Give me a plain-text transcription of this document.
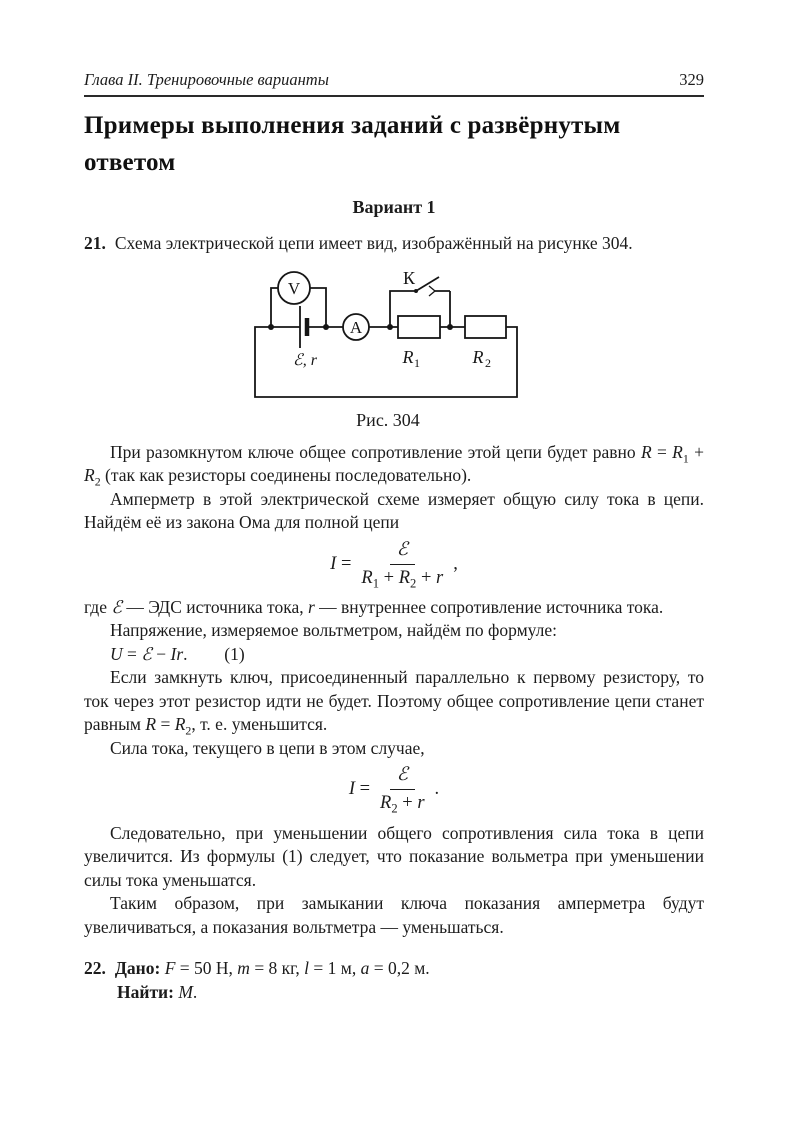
Глава II. Тренировочные варианты	329
Примеры выполнения заданий с развёрнутым ответом
Вариант 1

21. Схема электрической цепи имеет вид, изображённый на рисунке 304.

V
A
К
ℰ, r	R 1	R 2
Рис. 304

При разомкнутом ключе общее сопротивление этой цепи будет равно $R = R_1 + R_2$ (так как резисторы соединены последовательно).

Амперметр в этой электрической схеме измеряет общую силу тока в цепи. Найдём её из закона Ома для полной цепи

$I = \frac{\text{ℰ}}{R_1 + R_2 + r}$ ,

где ℰ — ЭДС источника тока, r — внутреннее сопротивление источника тока.

Напряжение, измеряемое вольтметром, найдём по формуле:

U = ℰ − Ir. (1)

Если замкнуть ключ, присоединенный параллельно к первому резистору, то ток через этот резистор идти не будет. Поэтому общее сопротивление цепи станет равным $R = R_2$, т. е. уменьшится.

Сила тока, текущего в цепи в этом случае,

$I = \frac{\text{ℰ}}{R_2 + r}$ .

Следовательно, при уменьшении общего сопротивления сила тока в цепи увеличится. Из формулы (1) следует, что показание вольметра при уменьшении силы тока уменьшатся.

Таким образом, при замыкании ключа показания амперметра будут увеличиваться, а показания вольтметра — уменьшаться.

22. Дано: F = 50 Н, m = 8 кг, l = 1 м, a = 0,2 м.

Найти: M.
